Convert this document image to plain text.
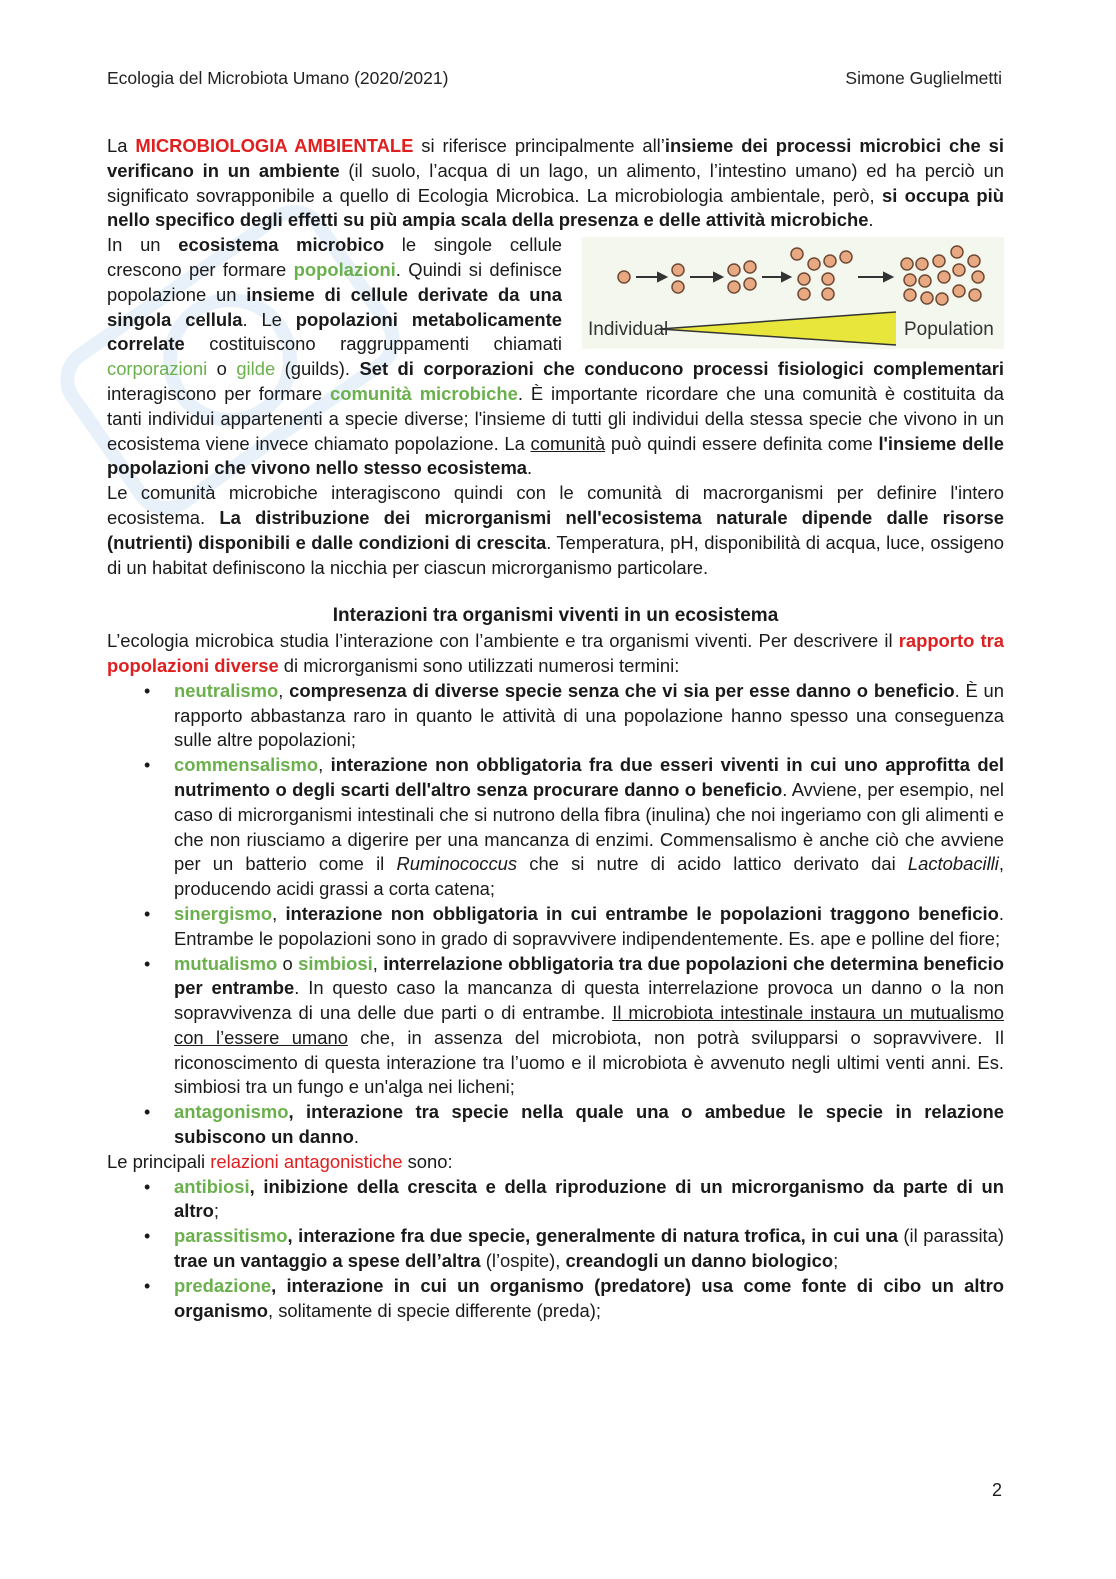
Ecologia del Microbiota Umano (2020/2021)	Simone Guglielmetti

La MICROBIOLOGIA AMBIENTALE si riferisce principalmente all’insieme dei processi microbici che si verificano in un ambiente (il suolo, l’acqua di un lago, un alimento, l’intestino umano) ed ha perciò un significato sovrapponibile a quello di Ecologia Microbica. La microbiologia ambientale, però, si occupa più nello specifico degli effetti su più ampia scala della presenza e delle attività microbiche.

Individual	Population

In un ecosistema microbico le singole cellule crescono per formare popolazioni. Quindi si definisce popolazione un insieme di cellule derivate da una singola cellula. Le popolazioni metabolicamente correlate costituiscono raggruppamenti chiamati corporazioni o gilde (guilds). Set di corporazioni che conducono processi fisiologici complementari interagiscono per formare comunità microbiche. È importante ricordare che una comunità è costituita da tanti individui appartenenti a specie diverse; l'insieme di tutti gli individui della stessa specie che vivono in un ecosistema viene invece chiamato popolazione. La comunità può quindi essere definita come l'insieme delle popolazioni che vivono nello stesso ecosistema.

Le comunità microbiche interagiscono quindi con le comunità di macrorganismi per definire l'intero ecosistema. La distribuzione dei microrganismi nell'ecosistema naturale dipende dalle risorse (nutrienti) disponibili e dalle condizioni di crescita. Temperatura, pH, disponibilità di acqua, luce, ossigeno di un habitat definiscono la nicchia per ciascun microrganismo particolare.

Interazioni tra organismi viventi in un ecosistema

L’ecologia microbica studia l’interazione con l’ambiente e tra organismi viventi. Per descrivere il rapporto tra popolazioni diverse di microrganismi sono utilizzati numerosi termini:

• neutralismo, compresenza di diverse specie senza che vi sia per esse danno o beneficio. È un rapporto abbastanza raro in quanto le attività di una popolazione hanno spesso una conseguenza sulle altre popolazioni;
• commensalismo, interazione non obbligatoria fra due esseri viventi in cui uno approfitta del nutrimento o degli scarti dell'altro senza procurare danno o beneficio. Avviene, per esempio, nel caso di microrganismi intestinali che si nutrono della fibra (inulina) che noi ingeriamo con gli alimenti e che non riusciamo a digerire per una mancanza di enzimi. Commensalismo è anche ciò che avviene per un batterio come il Ruminococcus che si nutre di acido lattico derivato dai Lactobacilli, producendo acidi grassi a corta catena;
• sinergismo, interazione non obbligatoria in cui entrambe le popolazioni traggono beneficio. Entrambe le popolazioni sono in grado di sopravvivere indipendentemente. Es. ape e polline del fiore;
• mutualismo o simbiosi, interrelazione obbligatoria tra due popolazioni che determina beneficio per entrambe. In questo caso la mancanza di questa interrelazione provoca un danno o la non sopravvivenza di una delle due parti o di entrambe. Il microbiota intestinale instaura un mutualismo con l’essere umano che, in assenza del microbiota, non potrà svilupparsi o sopravvivere. Il riconoscimento di questa interazione tra l’uomo e il microbiota è avvenuto negli ultimi venti anni. Es. simbiosi tra un fungo e un'alga nei licheni;
• antagonismo, interazione tra specie nella quale una o ambedue le specie in relazione subiscono un danno.

Le principali relazioni antagonistiche sono:

• antibiosi, inibizione della crescita e della riproduzione di un microrganismo da parte di un altro;
• parassitismo, interazione fra due specie, generalmente di natura trofica, in cui una (il parassita) trae un vantaggio a spese dell’altra (l’ospite), creandogli un danno biologico;
• predazione, interazione in cui un organismo (predatore) usa come fonte di cibo un altro organismo, solitamente di specie differente (preda);
2
